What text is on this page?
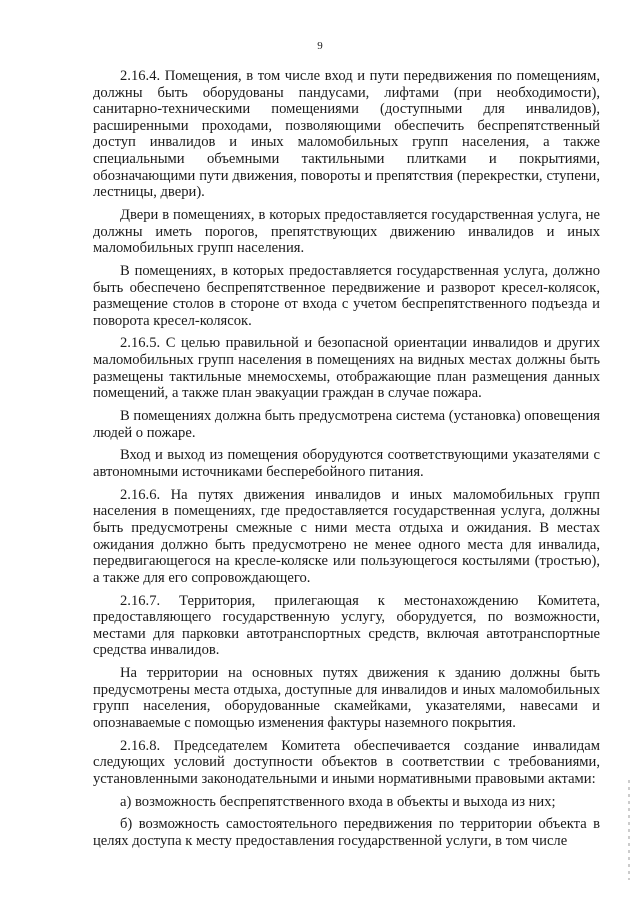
9

2.16.4. Помещения, в том числе вход и пути передвижения по помещениям, должны быть оборудованы пандусами, лифтами (при необходимости), санитарно-техническими помещениями (доступными для инвалидов), расширенными проходами, позволяющими обеспечить беспрепятственный доступ инвалидов и иных маломобильных групп населения, а также специальными объемными тактильными плитками и покрытиями, обозначающими пути движения, повороты и препятствия (перекрестки, ступени, лестницы, двери).

Двери в помещениях, в которых предоставляется государственная услуга, не должны иметь порогов, препятствующих движению инвалидов и иных маломобильных групп населения.

В помещениях, в которых предоставляется государственная услуга, должно быть обеспечено беспрепятственное передвижение и разворот кресел-колясок, размещение столов в стороне от входа с учетом беспрепятственного подъезда и поворота кресел-колясок.

2.16.5. С целью правильной и безопасной ориентации инвалидов и других маломобильных групп населения в помещениях на видных местах должны быть размещены тактильные мнемосхемы, отображающие план размещения данных помещений, а также план эвакуации граждан в случае пожара.

В помещениях должна быть предусмотрена система (установка) оповещения людей о пожаре.

Вход и выход из помещения оборудуются соответствующими указателями с автономными источниками бесперебойного питания.

2.16.6. На путях движения инвалидов и иных маломобильных групп населения в помещениях, где предоставляется государственная услуга, должны быть предусмотрены смежные с ними места отдыха и ожидания. В местах ожидания должно быть предусмотрено не менее одного места для инвалида, передвигающегося на кресле-коляске или пользующегося костылями (тростью), а также для его сопровождающего.

2.16.7. Территория, прилегающая к местонахождению Комитета, предоставляющего государственную услугу, оборудуется, по возможности, местами для парковки автотранспортных средств, включая автотранспортные средства инвалидов.

На территории на основных путях движения к зданию должны быть предусмотрены места отдыха, доступные для инвалидов и иных маломобильных групп населения, оборудованные скамейками, указателями, навесами и опознаваемые с помощью изменения фактуры наземного покрытия.

2.16.8. Председателем Комитета обеспечивается создание инвалидам следующих условий доступности объектов в соответствии с требованиями, установленными законодательными и иными нормативными правовыми актами:

а) возможность беспрепятственного входа в объекты и выхода из них;

б) возможность самостоятельного передвижения по территории объекта в целях доступа к месту предоставления государственной услуги, в том числе
